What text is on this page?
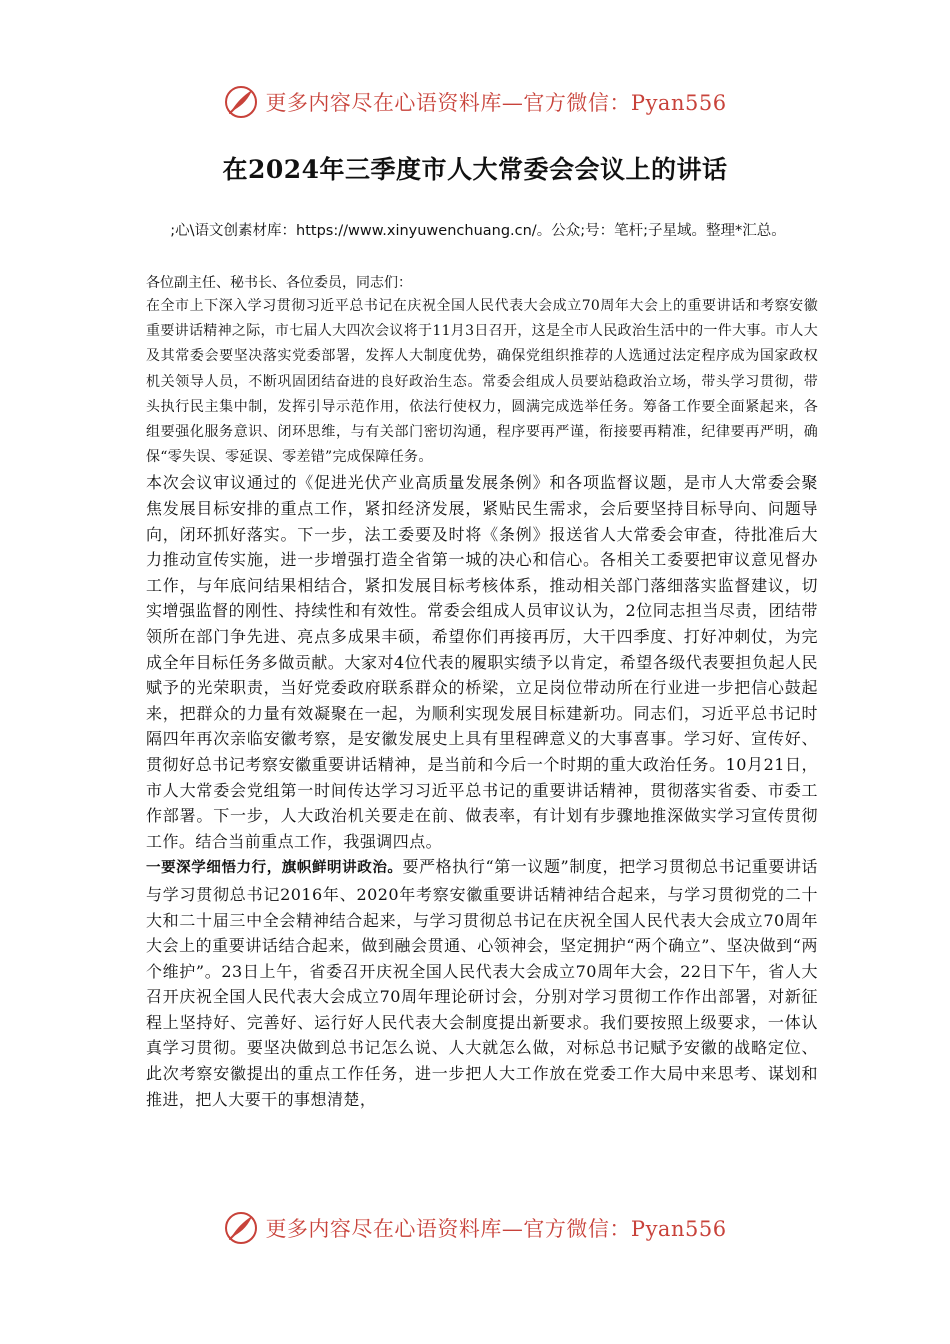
更多内容尽在心语资料库—官方微信：Pyan556
在2024年三季度市人大常委会会议上的讲话
;心\语文创素材库：https://www.xinyuwenchuang.cn/。公众;号：笔杆;子星域。整理*汇总。

各位副主任、秘书长、各位委员，同志们：

在全市上下深入学习贯彻习近平总书记在庆祝全国人民代表大会成立70周年大会上的重要讲话和考察安徽重要讲话精神之际，市七届人大四次会议将于11月3日召开，这是全市人民政治生活中的一件大事。市人大及其常委会要坚决落实党委部署，发挥人大制度优势，确保党组织推荐的人选通过法定程序成为国家政权机关领导人员，不断巩固团结奋进的良好政治生态。常委会组成人员要站稳政治立场，带头学习贯彻，带头执行民主集中制，发挥引导示范作用，依法行使权力，圆满完成选举任务。筹备工作要全面紧起来，各组要强化服务意识、闭环思维，与有关部门密切沟通，程序要再严谨，衔接要再精准，纪律要再严明，确保“零失误、零延误、零差错”完成保障任务。

本次会议审议通过的《促进光伏产业高质量发展条例》和各项监督议题，是市人大常委会聚焦发展目标安排的重点工作，紧扣经济发展，紧贴民生需求，会后要坚持目标导向、问题导向，闭环抓好落实。下一步，法工委要及时将《条例》报送省人大常委会审查，待批准后大力推动宣传实施，进一步增强打造全省第一城的决心和信心。各相关工委要把审议意见督办工作，与年底问结果相结合，紧扣发展目标考核体系，推动相关部门落细落实监督建议，切实增强监督的刚性、持续性和有效性。常委会组成人员审议认为，2位同志担当尽责，团结带领所在部门争先进、亮点多成果丰硕，希望你们再接再厉，大干四季度、打好冲刺仗，为完成全年目标任务多做贡献。大家对4位代表的履职实绩予以肯定，希望各级代表要担负起人民赋予的光荣职责，当好党委政府联系群众的桥梁，立足岗位带动所在行业进一步把信心鼓起来，把群众的力量有效凝聚在一起，为顺利实现发展目标建新功。同志们，习近平总书记时隔四年再次亲临安徽考察，是安徽发展史上具有里程碑意义的大事喜事。学习好、宣传好、贯彻好总书记考察安徽重要讲话精神，是当前和今后一个时期的重大政治任务。10月21日，市人大常委会党组第一时间传达学习习近平总书记的重要讲话精神，贯彻落实省委、市委工作部署。下一步，人大政治机关要走在前、做表率，有计划有步骤地推深做实学习宣传贯彻工作。结合当前重点工作，我强调四点。

一要深学细悟力行，旗帜鲜明讲政治。要严格执行“第一议题”制度，把学习贯彻总书记重要讲话与学习贯彻总书记2016年、2020年考察安徽重要讲话精神结合起来，与学习贯彻党的二十大和二十届三中全会精神结合起来，与学习贯彻总书记在庆祝全国人民代表大会成立70周年大会上的重要讲话结合起来，做到融会贯通、心领神会，坚定拥护“两个确立”、坚决做到“两个维护”。23日上午，省委召开庆祝全国人民代表大会成立70周年大会，22日下午，省人大召开庆祝全国人民代表大会成立70周年理论研讨会，分别对学习贯彻工作作出部署，对新征程上坚持好、完善好、运行好人民代表大会制度提出新要求。我们要按照上级要求，一体认真学习贯彻。要坚决做到总书记怎么说、人大就怎么做，对标总书记赋予安徽的战略定位、此次考察安徽提出的重点工作任务，进一步把人大工作放在党委工作大局中来思考、谋划和推进，把人大要干的事想清楚，

更多内容尽在心语资料库—官方微信：Pyan556
